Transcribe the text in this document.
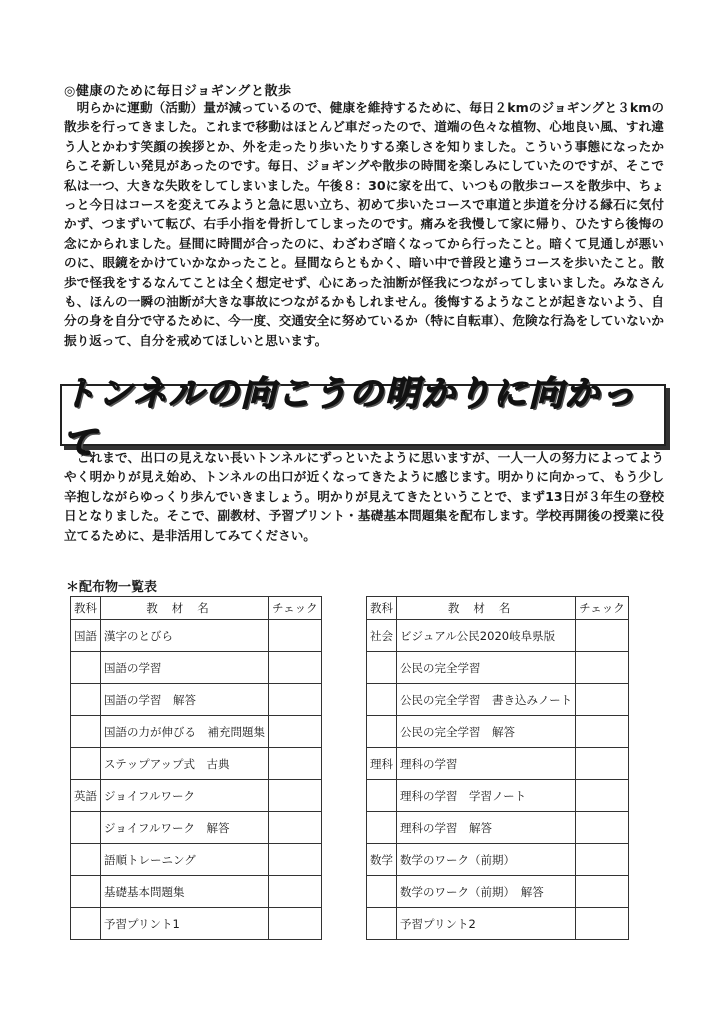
◎健康のために毎日ジョギングと散歩

明らかに運動（活動）量が減っているので、健康を維持するために、毎日２kmのジョギングと３kmの散歩を行ってきました。これまで移動はほとんど車だったので、道端の色々な植物、心地良い風、すれ違う人とかわす笑顔の挨拶とか、外を走ったり歩いたりする楽しさを知りました。こういう事態になったからこそ新しい発見があったのです。毎日、ジョギングや散歩の時間を楽しみにしていたのですが、そこで私は一つ、大きな失敗をしてしまいました。午後８：30に家を出て、いつもの散歩コースを散歩中、ちょっと今日はコースを変えてみようと急に思い立ち、初めて歩いたコースで車道と歩道を分ける縁石に気付かず、つまずいて転び、右手小指を骨折してしまったのです。痛みを我慢して家に帰り、ひたすら後悔の念にかられました。昼間に時間が合ったのに、わざわざ暗くなってから行ったこと。暗くて見通しが悪いのに、眼鏡をかけていかなかったこと。昼間ならともかく、暗い中で普段と違うコースを歩いたこと。散歩で怪我をするなんてことは全く想定せず、心にあった油断が怪我につながってしまいました。みなさんも、ほんの一瞬の油断が大きな事故につながるかもしれません。後悔するようなことが起きないよう、自分の身を自分で守るために、今一度、交通安全に努めているか（特に自転車）、危険な行為をしていないか振り返って、自分を戒めてほしいと思います。

トンネルの向こうの明かりに向かって

これまで、出口の見えない長いトンネルにずっといたように思いますが、一人一人の努力によってようやく明かりが見え始め、トンネルの出口が近くなってきたように感じます。明かりに向かって、もう少し辛抱しながらゆっくり歩んでいきましょう。明かりが見えてきたということで、まず13日が３年生の登校日となりました。そこで、副教材、予習プリント・基礎基本問題集を配布します。学校再開後の授業に役立てるために、是非活用してみてください。

＊配布物一覧表
教科	教材名	チェック
国語	漢字のとびら	
	国語の学習	
	国語の学習　解答	
	国語の力が伸びる　補充問題集	
	ステップアップ式　古典	
英語	ジョイフルワーク	
	ジョイフルワーク　解答	
	語順トレーニング	
	基礎基本問題集	
	予習プリント1	
教科	教材名	チェック
社会	ビジュアル公民2020岐阜県版	
	公民の完全学習	
	公民の完全学習　書き込みノート	
	公民の完全学習　解答	
理科	理科の学習	
	理科の学習　学習ノート	
	理科の学習　解答	
数学	数学のワーク（前期）	
	数学のワーク（前期）　解答	
	予習プリント2	
